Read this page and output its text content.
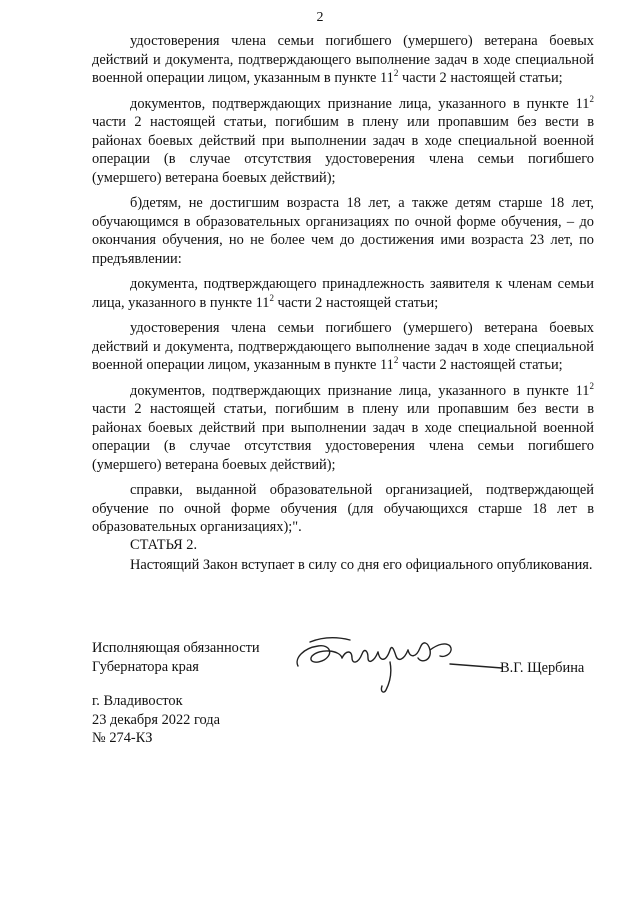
2

удостоверения члена семьи погибшего (умершего) ветерана боевых действий и документа, подтверждающего выполнение задач в ходе специальной военной операции лицом, указанным в пункте $11^2$ части 2 настоящей статьи;

документов, подтверждающих признание лица, указанного в пункте $11^2$ части 2 настоящей статьи, погибшим в плену или пропавшим без вести в районах боевых действий при выполнении задач в ходе специальной военной операции (в случае отсутствия удостоверения члена семьи погибшего (умершего) ветерана боевых действий);

б)детям, не достигшим возраста 18 лет, а также детям старше 18 лет, обучающимся в образовательных организациях по очной форме обучения, – до окончания обучения, но не более чем до достижения ими возраста 23 лет, по предъявлении:

документа, подтверждающего принадлежность заявителя к членам семьи лица, указанного в пункте $11^2$ части 2 настоящей статьи;

удостоверения члена семьи погибшего (умершего) ветерана боевых действий и документа, подтверждающего выполнение задач в ходе специальной военной операции лицом, указанным в пункте $11^2$ части 2 настоящей статьи;

документов, подтверждающих признание лица, указанного в пункте $11^2$ части 2 настоящей статьи, погибшим в плену или пропавшим без вести в районах боевых действий при выполнении задач в ходе специальной военной операции (в случае отсутствия удостоверения члена семьи погибшего (умершего) ветерана боевых действий);

справки, выданной образовательной организацией, подтверждающей обучение по очной форме обучения (для обучающихся старше 18 лет в образовательных организациях);".

СТАТЬЯ 2.

Настоящий Закон вступает в силу со дня его официального опубликования.

Исполняющая обязанности
Губернатора края	В.Г. Щербина
г. Владивосток
23 декабря 2022 года
№ 274-КЗ
